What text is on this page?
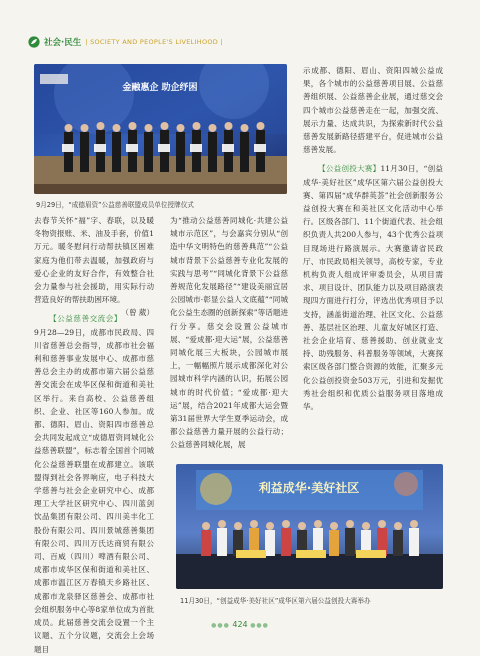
社会·民生 | SOCIETY AND PEOPLE'S LIVELIHOOD |
金融惠企 助企纾困
9月29日，“成德眉资”公益慈善联盟成员单位授牌仪式

去春节关怀“福”字、春联，以及暖冬物资报账、米、油及手套，价值1万元。暖冬慰问行动帮扶镇区困难家庭为他们带去温暖，加强政府与爱心企业的友好合作，有效整合社会力量参与社会援助，用实际行动营造良好的帮扶助困环境。
（曾 葳）

【公益慈善交流会】9月28—29日，成都市民政局、四川省慈善总会指导，成都市社会福利和慈善事业发展中心、成都市慈善总会主办的成都市第六届公益慈善交流会在成华区保和街道和美社区举行。来自高校、公益慈善组织、企业、社区等160人参加。成都、德阳、眉山、资阳四市慈善总会共同发起成立“成德眉资同城化公益慈善联盟”，标志着全国首个同城化公益慈善联盟在成都建立。该联盟得到社会各界响应，电子科技大学慈善与社会企业研究中心、成都理工大学社区研究中心、四川蓝剑饮品集团有限公司、四川美丰化工股份有限公司、四川景城慈善集团有限公司、四川万氏达商贸有限公司、百威（四川）啤酒有限公司、成都市成华区保和街道和美社区、成都市温江区万春镇天乡路社区、成都市龙泉驿区慈善会、成都市社会组织服务中心等8家单位成为首批成员。此届慈善交流会设置一个主议题、五个分议题，交流会上会场题目

为“推动公益慈善同城化·共建公益城市示范区”，与会嘉宾分别从“创造中华文明特色的慈善典范”“公益城市背景下公益慈善专业化发展的实践与思考”“同城化背景下公益慈善规范化发展路径”“建设美丽宜居公园城市·彰显公益人文底蕴”“同城化公益生态圈的创新探索”等话题进行分享。慈交会设置公益城市展、“爱成都·迎大运”展，公益慈善同城化展三大板块，公园城市展上，一幅幅照片展示成都深化对公园城市科学内涵的认识，拓展公园城市的时代价值；“爱成都·迎大运”展，结合2021年成都大运会暨第31届世界大学生夏季运动会，成都公益慈善力量开展的公益行动；公益慈善同城化展，展

示成都、德阳、眉山、资阳四城公益成果，各个城市的公益慈善项目展、公益慈善组织展、公益慈善企业展，通过慈交会四个城市公益慈善走在一起，加强交流、展示力量、达成共识，为探索新时代公益慈善发展新路径搭建平台，促进城市公益慈善发展。

【公益创投大赛】11月30日，“创益成华·美好社区”成华区第六届公益创投大赛、第四届“成华群英荟”社会创新服务公益创投大赛在和美社区文化活动中心举行。区级各部门、11个街道代表、社会组织负责人共200人参与，43个优秀公益项目现场进行路演展示。大赛邀请省民政厅、市民政局相关领导，高校专家，专业机构负责人组成评审委员会，从项目需求、项目设计、团队能力以及项目路演表现四方面进行打分，评选出优秀项目予以支持，涵盖街道治理、社区文化、公益慈善、基层社区治理、儿童友好城区打造、社会企业培育、慈善援助、创业就业支持、助残服务、科普服务等领域，大赛探索区级各部门整合资源的效能，汇聚多元化公益创投资金503万元，引进和发掘优秀社会组织和优质公益服务项目落地成华。

利益成华·美好社区
11月30日，“创益成华·美好社区”成华区第六届公益创投大赛举办
●●● 424 ●●●
